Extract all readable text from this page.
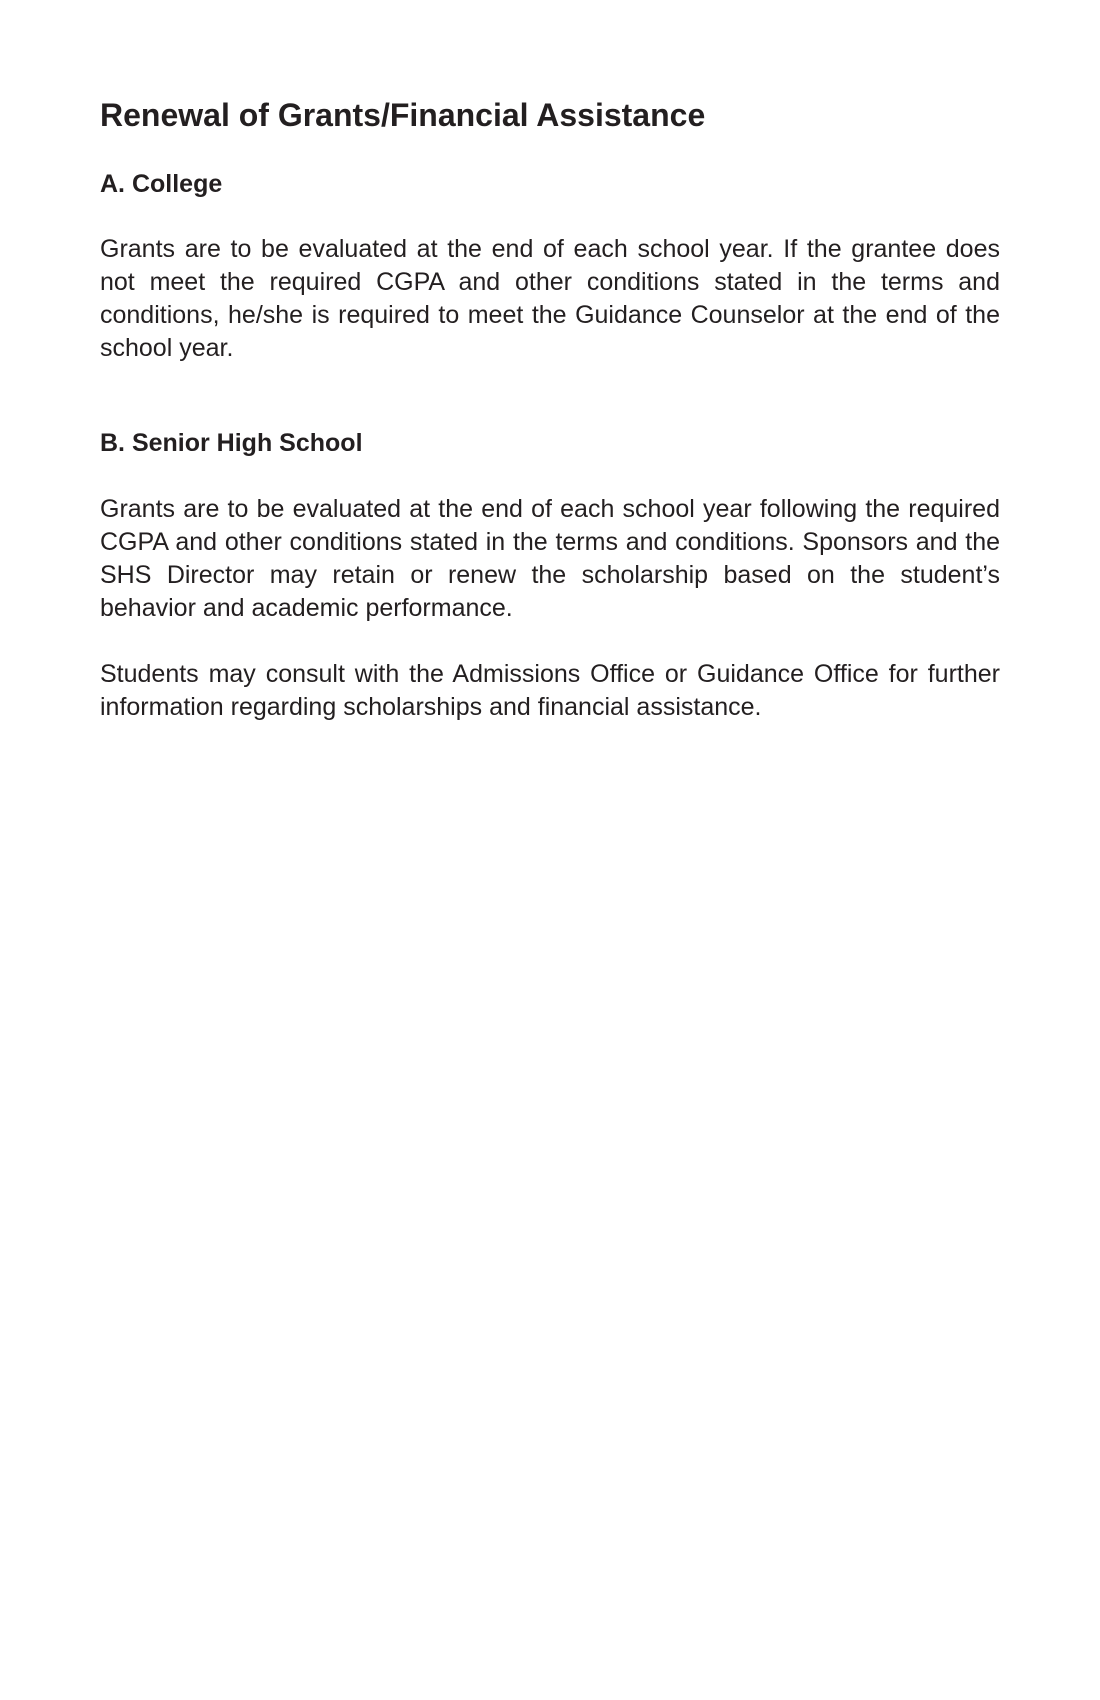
Renewal of Grants/Financial Assistance
A. College

Grants are to be evaluated at the end of each school year. If the grantee does not meet the required CGPA and other conditions stated in the terms and conditions, he/she is required to meet the Guidance Counselor at the end of the school year.

B. Senior High School

Grants are to be evaluated at the end of each school year following the required CGPA and other conditions stated in the terms and conditions. Sponsors and the SHS Director may retain or renew the scholarship based on the student’s behavior and academic performance.

Students may consult with the Admissions Office or Guidance Office for further information regarding scholarships and financial assistance.
